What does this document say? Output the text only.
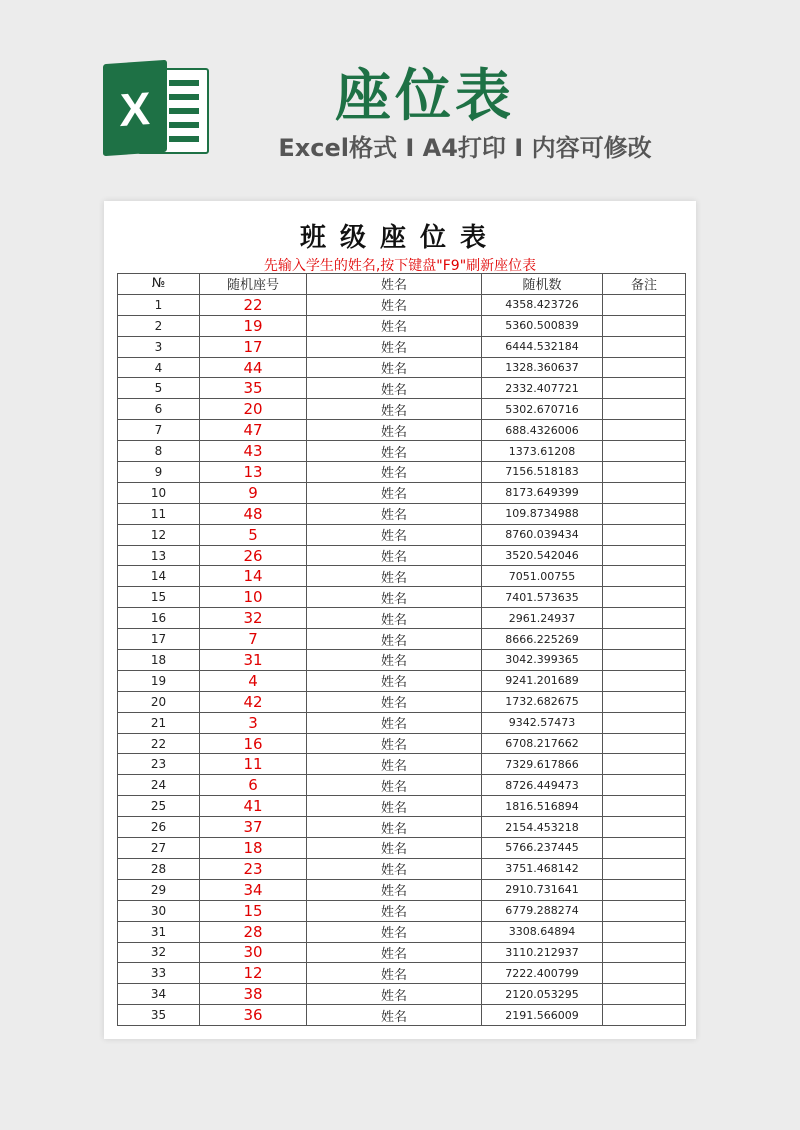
X	座位表
Excel格式 I A4打印 I 内容可修改
班级座位表
先输入学生的姓名,按下键盘"F9"刷新座位表
№	随机座号	姓名	随机数	备注
1	22	姓名	4358.423726	
2	19	姓名	5360.500839	
3	17	姓名	6444.532184	
4	44	姓名	1328.360637	
5	35	姓名	2332.407721	
6	20	姓名	5302.670716	
7	47	姓名	688.4326006	
8	43	姓名	1373.61208	
9	13	姓名	7156.518183	
10	9	姓名	8173.649399	
11	48	姓名	109.8734988	
12	5	姓名	8760.039434	
13	26	姓名	3520.542046	
14	14	姓名	7051.00755	
15	10	姓名	7401.573635	
16	32	姓名	2961.24937	
17	7	姓名	8666.225269	
18	31	姓名	3042.399365	
19	4	姓名	9241.201689	
20	42	姓名	1732.682675	
21	3	姓名	9342.57473	
22	16	姓名	6708.217662	
23	11	姓名	7329.617866	
24	6	姓名	8726.449473	
25	41	姓名	1816.516894	
26	37	姓名	2154.453218	
27	18	姓名	5766.237445	
28	23	姓名	3751.468142	
29	34	姓名	2910.731641	
30	15	姓名	6779.288274	
31	28	姓名	3308.64894	
32	30	姓名	3110.212937	
33	12	姓名	7222.400799	
34	38	姓名	2120.053295	
35	36	姓名	2191.566009	
